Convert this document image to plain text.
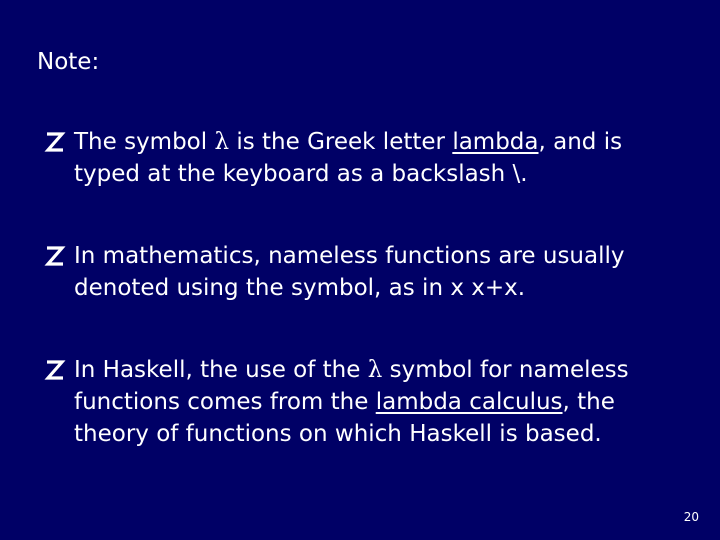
Note:
The symbol λ is the Greek letter lambda, and is
typed at the keyboard as a backslash \.
In mathematics, nameless functions are usually
denoted using the symbol, as in x x+x.
In Haskell, the use of the λ symbol for nameless
functions comes from the lambda calculus, the
theory of functions on which Haskell is based.
20
